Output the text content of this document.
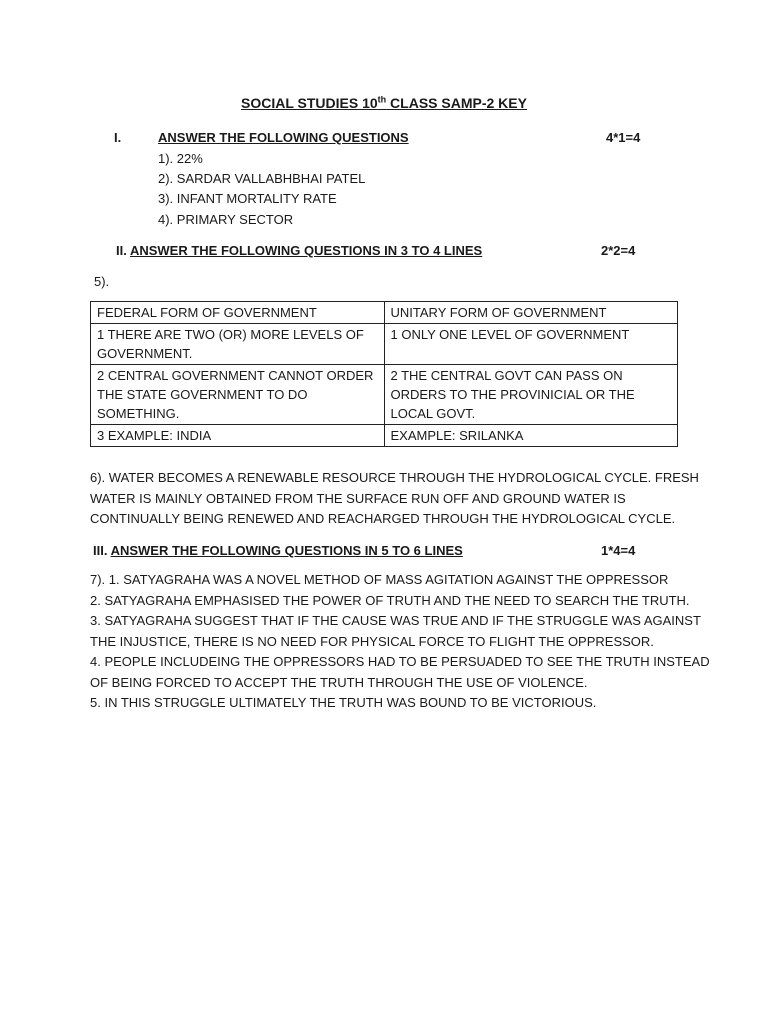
SOCIAL STUDIES 10th CLASS SAMP-2 KEY
I.	ANSWER THE FOLLOWING QUESTIONS	4*1=4
1). 22%
2). SARDAR VALLABHBHAI PATEL
3). INFANT MORTALITY RATE
4). PRIMARY SECTOR
II. ANSWER THE FOLLOWING QUESTIONS IN 3 TO 4 LINES	2*2=4
5).
FEDERAL FORM OF GOVERNMENT	UNITARY FORM OF GOVERNMENT
1 THERE ARE TWO (OR) MORE LEVELS OF GOVERNMENT.	1 ONLY ONE LEVEL OF GOVERNMENT
2 CENTRAL GOVERNMENT CANNOT ORDER THE STATE GOVERNMENT TO DO SOMETHING.	2 THE CENTRAL GOVT CAN PASS ON ORDERS TO THE PROVINICIAL OR THE LOCAL GOVT.
3 EXAMPLE: INDIA	EXAMPLE: SRILANKA
6). WATER BECOMES A RENEWABLE RESOURCE THROUGH THE HYDROLOGICAL CYCLE. FRESH
WATER IS MAINLY OBTAINED FROM THE SURFACE RUN OFF AND GROUND WATER IS
CONTINUALLY BEING RENEWED AND REACHARGED THROUGH THE HYDROLOGICAL CYCLE.
III. ANSWER THE FOLLOWING QUESTIONS IN 5 TO 6 LINES	1*4=4
7). 1. SATYAGRAHA WAS A NOVEL METHOD OF MASS AGITATION AGAINST THE OPPRESSOR
2. SATYAGRAHA EMPHASISED THE POWER OF TRUTH AND THE NEED TO SEARCH THE TRUTH.
3. SATYAGRAHA SUGGEST THAT IF THE CAUSE WAS TRUE AND IF THE STRUGGLE WAS AGAINST
THE INJUSTICE, THERE IS NO NEED FOR PHYSICAL FORCE TO FLIGHT THE OPPRESSOR.
4. PEOPLE INCLUDEING THE OPPRESSORS HAD TO BE PERSUADED TO SEE THE TRUTH INSTEAD
OF BEING FORCED TO ACCEPT THE TRUTH THROUGH THE USE OF VIOLENCE.
5. IN THIS STRUGGLE ULTIMATELY THE TRUTH WAS BOUND TO BE VICTORIOUS.
